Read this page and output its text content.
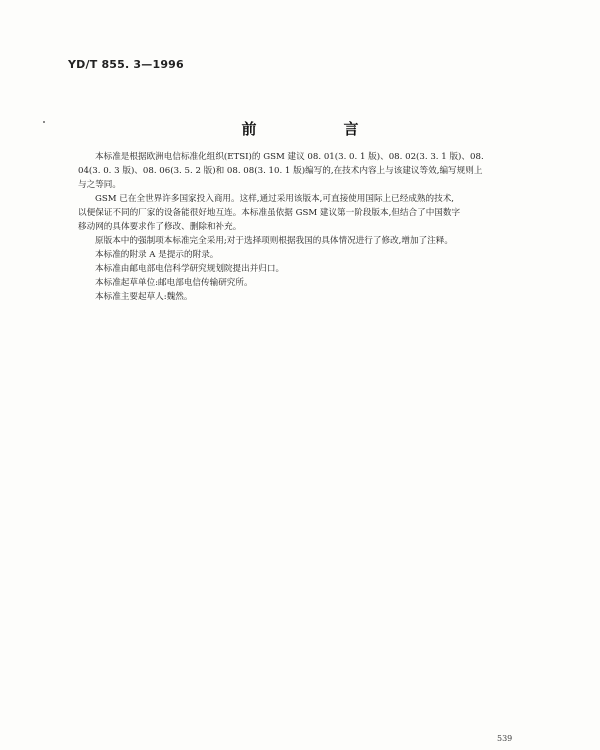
YD/T 855. 3—1996
前　言

本标准是根据欧洲电信标准化组织(ETSI)的 GSM 建议 08. 01(3. 0. 1 版)、08. 02(3. 3. 1 版)、08.
04(3. 0. 3 版)、08. 06(3. 5. 2 版)和 08. 08(3. 10. 1 版)编写的,在技术内容上与该建议等效,编写规则上
与之等同。

GSM 已在全世界许多国家投入商用。这样,通过采用该版本,可直接使用国际上已经成熟的技术,
以便保证不同的厂家的设备能很好地互连。本标准虽依据 GSM 建议第一阶段版本,但结合了中国数字
移动网的具体要求作了修改、删除和补充。

原版本中的强制项本标准完全采用;对于选择项则根据我国的具体情况进行了修改,增加了注释。

本标准的附录 A 是提示的附录。

本标准由邮电部电信科学研究规划院提出并归口。

本标准起草单位:邮电部电信传输研究所。

本标准主要起草人:魏然。

539
